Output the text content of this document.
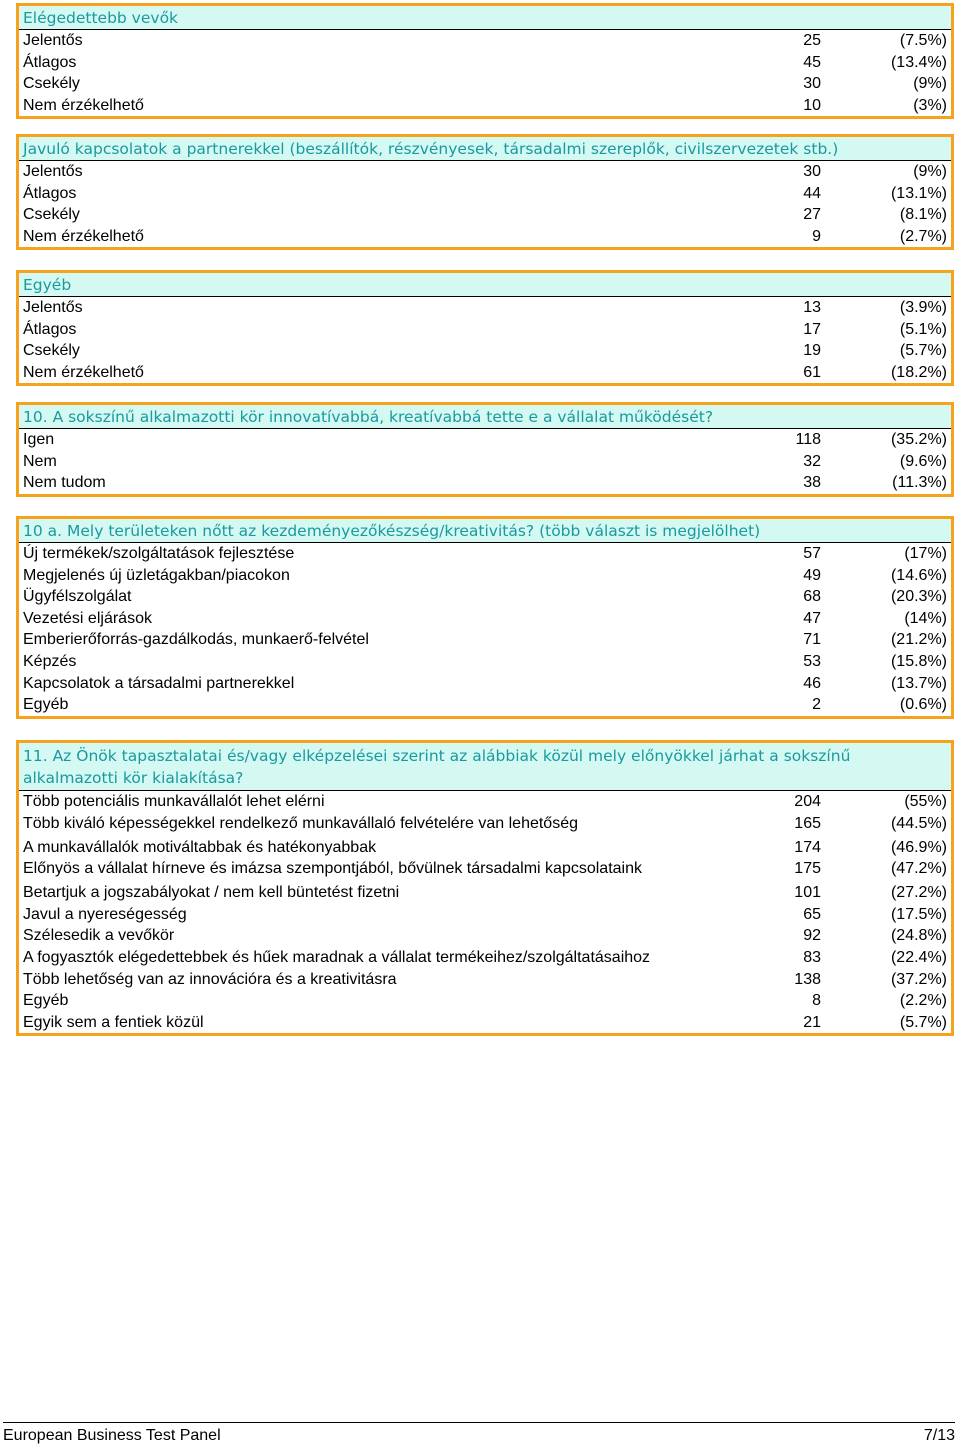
Elégedettebb vevők
Jelentős	25	(7.5%)
Átlagos	45	(13.4%)
Csekély	30	(9%)
Nem érzékelhető	10	(3%)
Javuló kapcsolatok a partnerekkel (beszállítók, részvényesek, társadalmi szereplők, civilszervezetek stb.)
Jelentős	30	(9%)
Átlagos	44	(13.1%)
Csekély	27	(8.1%)
Nem érzékelhető	9	(2.7%)
Egyéb
Jelentős	13	(3.9%)
Átlagos	17	(5.1%)
Csekély	19	(5.7%)
Nem érzékelhető	61	(18.2%)
10. A sokszínű alkalmazotti kör innovatívabbá, kreatívabbá tette e a vállalat működését?
Igen	118	(35.2%)
Nem	32	(9.6%)
Nem tudom	38	(11.3%)
10 a. Mely területeken nőtt az kezdeményezőkészség/kreativitás? (több választ is megjelölhet)
Új termékek/szolgáltatások fejlesztése	57	(17%)
Megjelenés új üzletágakban/piacokon	49	(14.6%)
Ügyfélszolgálat	68	(20.3%)
Vezetési eljárások	47	(14%)
Emberierőforrás-gazdálkodás, munkaerő-felvétel	71	(21.2%)
Képzés	53	(15.8%)
Kapcsolatok a társadalmi partnerekkel	46	(13.7%)
Egyéb	2	(0.6%)
11. Az Önök tapasztalatai és/vagy elképzelései szerint az alábbiak közül mely előnyökkel járhat a sokszínű alkalmazotti kör kialakítása?
Több potenciális munkavállalót lehet elérni	204	(55%)
Több kiváló képességekkel rendelkező munkavállaló felvételére van lehetőség	165	(44.5%)
A munkavállalók motiváltabbak és hatékonyabbak	174	(46.9%)
Előnyös a vállalat hírneve és imázsa szempontjából, bővülnek társadalmi kapcsolataink	175	(47.2%)
Betartjuk a jogszabályokat / nem kell büntetést fizetni	101	(27.2%)
Javul a nyereségesség	65	(17.5%)
Szélesedik a vevőkör	92	(24.8%)
A fogyasztók elégedettebbek és hűek maradnak a vállalat termékeihez/szolgáltatásaihoz	83	(22.4%)
Több lehetőség van az innovációra és a kreativitásra	138	(37.2%)
Egyéb	8	(2.2%)
Egyik sem a fentiek közül	21	(5.7%)
European Business Test Panel	7/13
